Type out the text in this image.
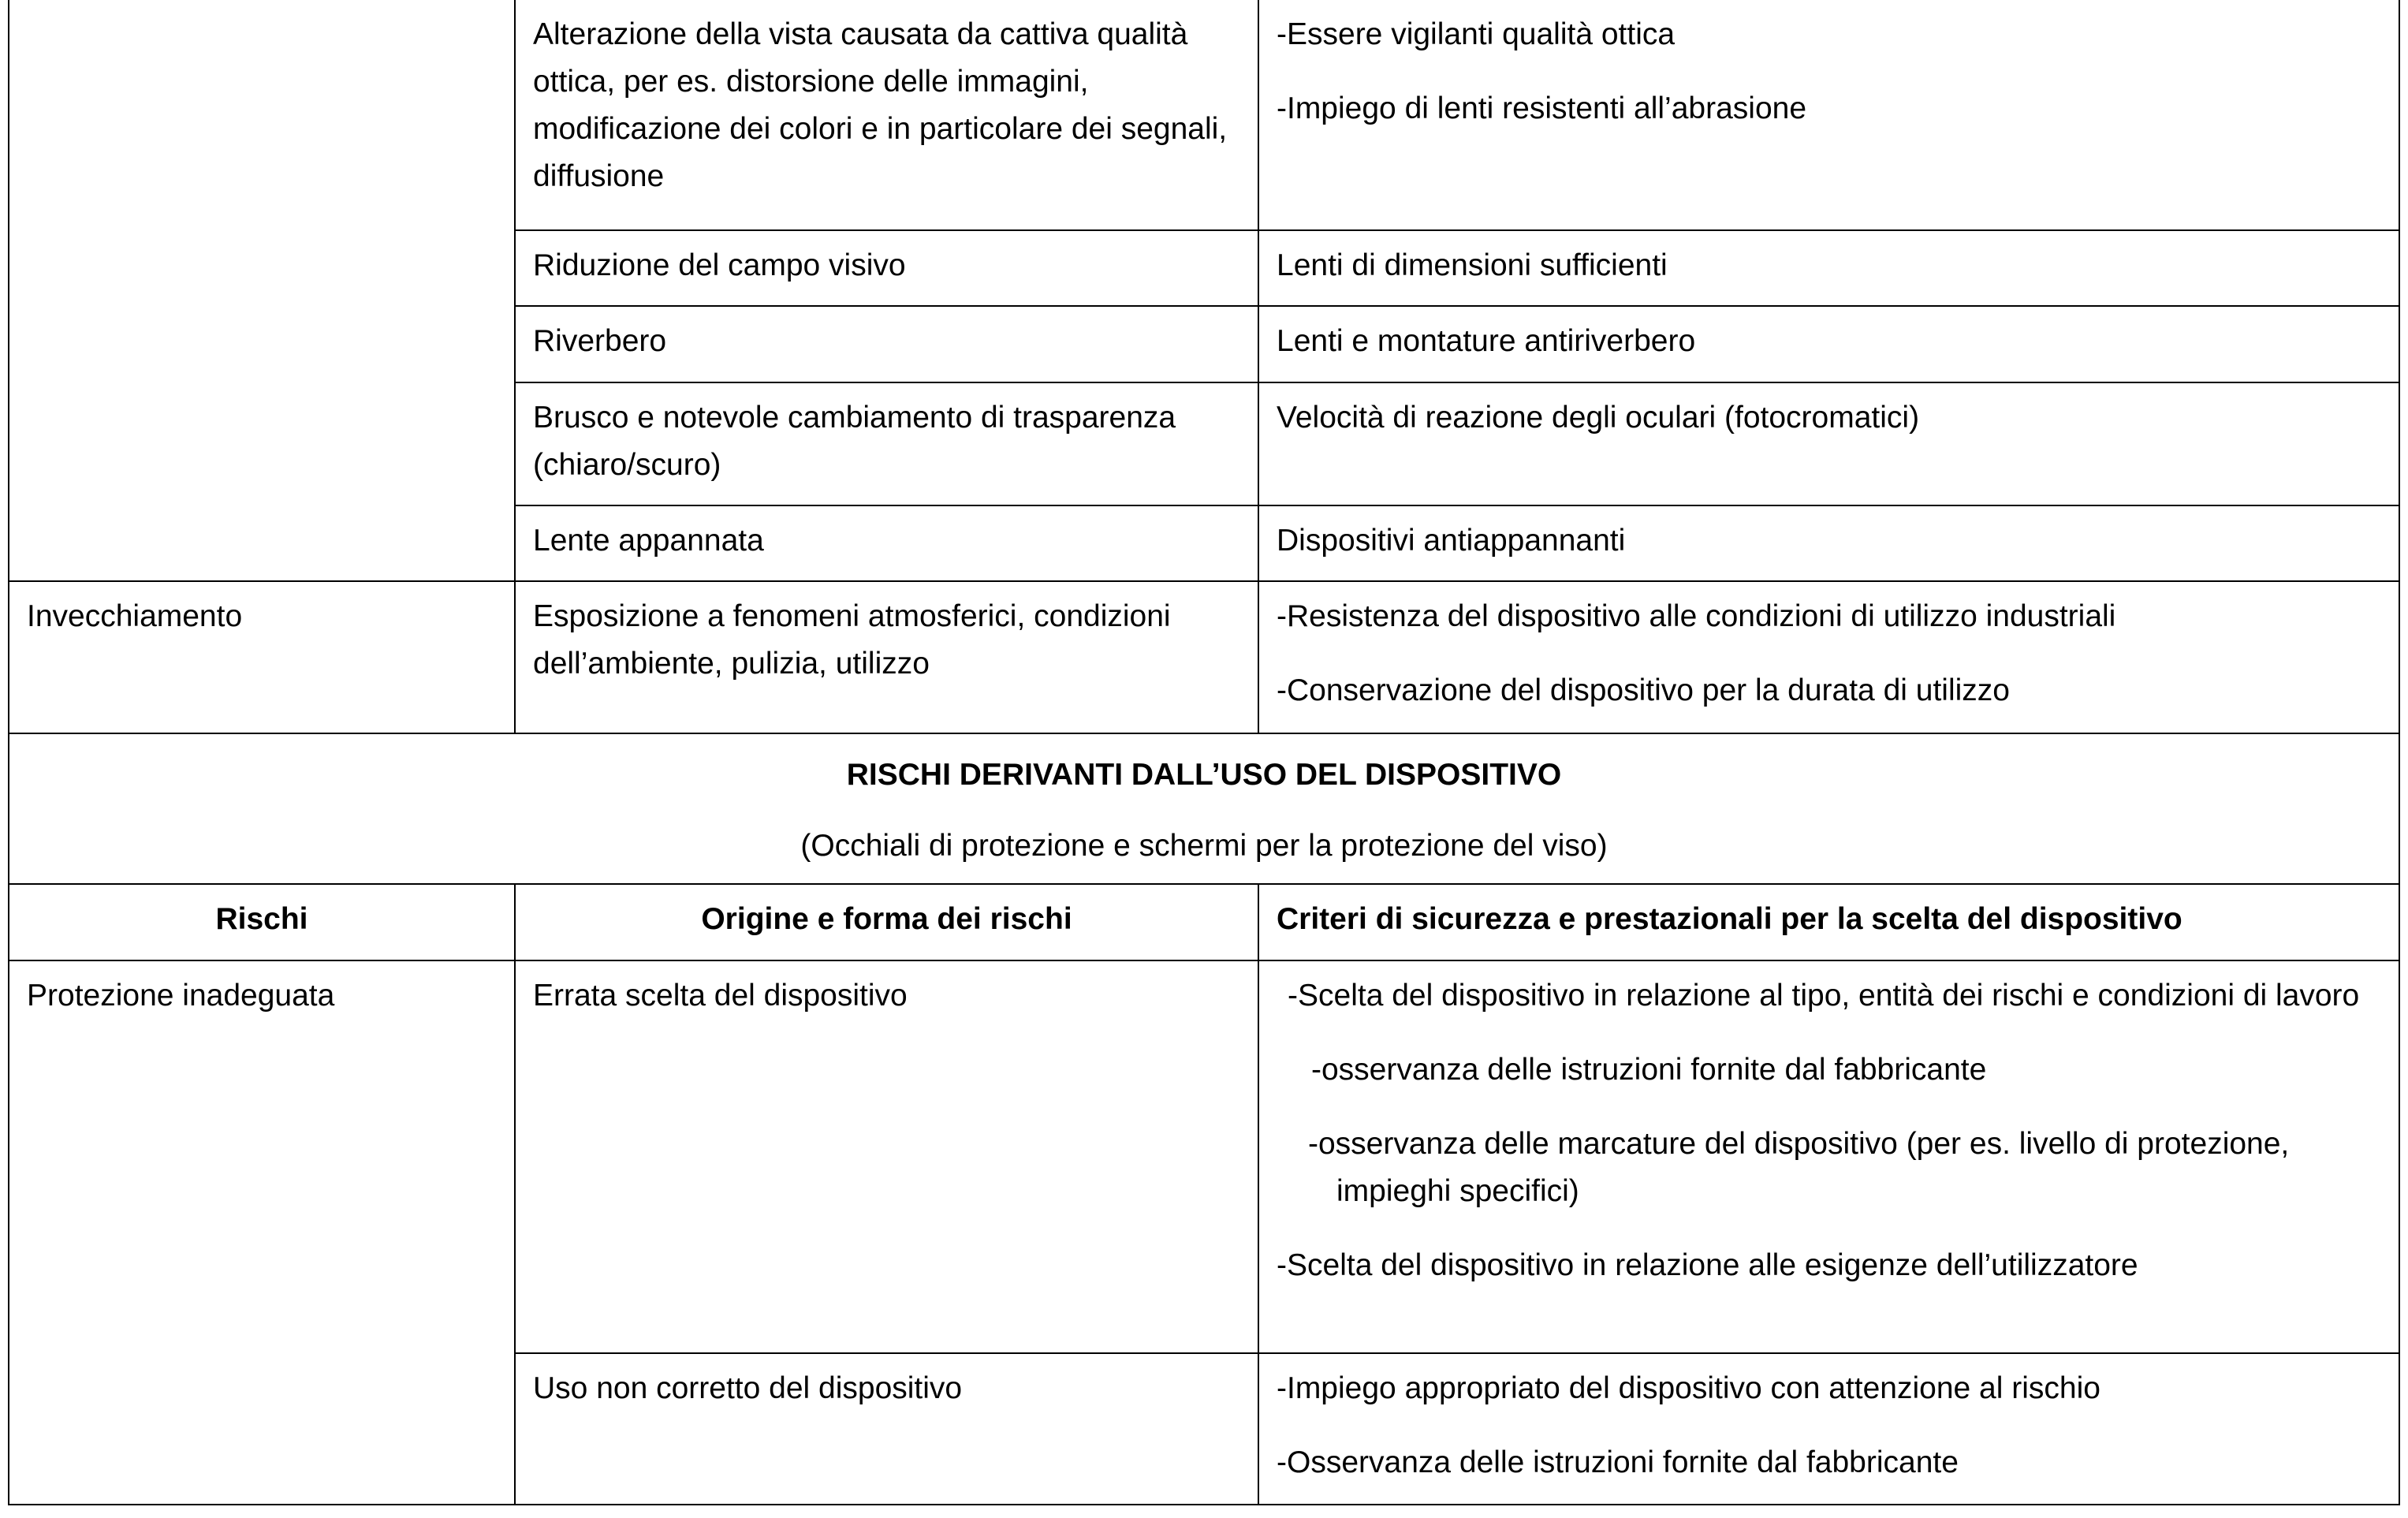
	Alterazione della vista causata da cattiva qualità ottica, per es. distorsione delle immagini, modificazione dei colori e in particolare dei segnali, diffusione	-Essere vigilanti qualità ottica
-Impiego di lenti resistenti all’abrasione

	Riduzione del campo visivo	Lenti di dimensioni sufficienti

	Riverbero	Lenti e montature antiriverbero

	Brusco e notevole cambiamento di trasparenza (chiaro/scuro)	Velocità di reazione degli oculari (fotocromatici)

	Lente appannata	Dispositivi antiappannanti

Invecchiamento	Esposizione a fenomeni atmosferici, condizioni dell’ambiente, pulizia, utilizzo	-Resistenza del dispositivo alle condizioni di utilizzo industriali
-Conservazione del dispositivo per la durata di utilizzo

RISCHI DERIVANTI DALL’USO DEL DISPOSITIVO
(Occhiali di protezione e schermi per la protezione del viso)		

Rischi	Origine e forma dei rischi	Criteri di sicurezza e prestazionali per la scelta del dispositivo

Protezione inadeguata	Errata scelta del dispositivo	-Scelta del dispositivo in relazione al tipo, entità dei rischi e condizioni di lavoro
-osservanza delle istruzioni fornite dal fabbricante
-osservanza delle marcature del dispositivo (per es. livello di protezione, impieghi specifici)
-Scelta del dispositivo in relazione alle esigenze dell’utilizzatore

	Uso non corretto del dispositivo	-Impiego appropriato del dispositivo con attenzione al rischio
-Osservanza delle istruzioni fornite dal fabbricante
